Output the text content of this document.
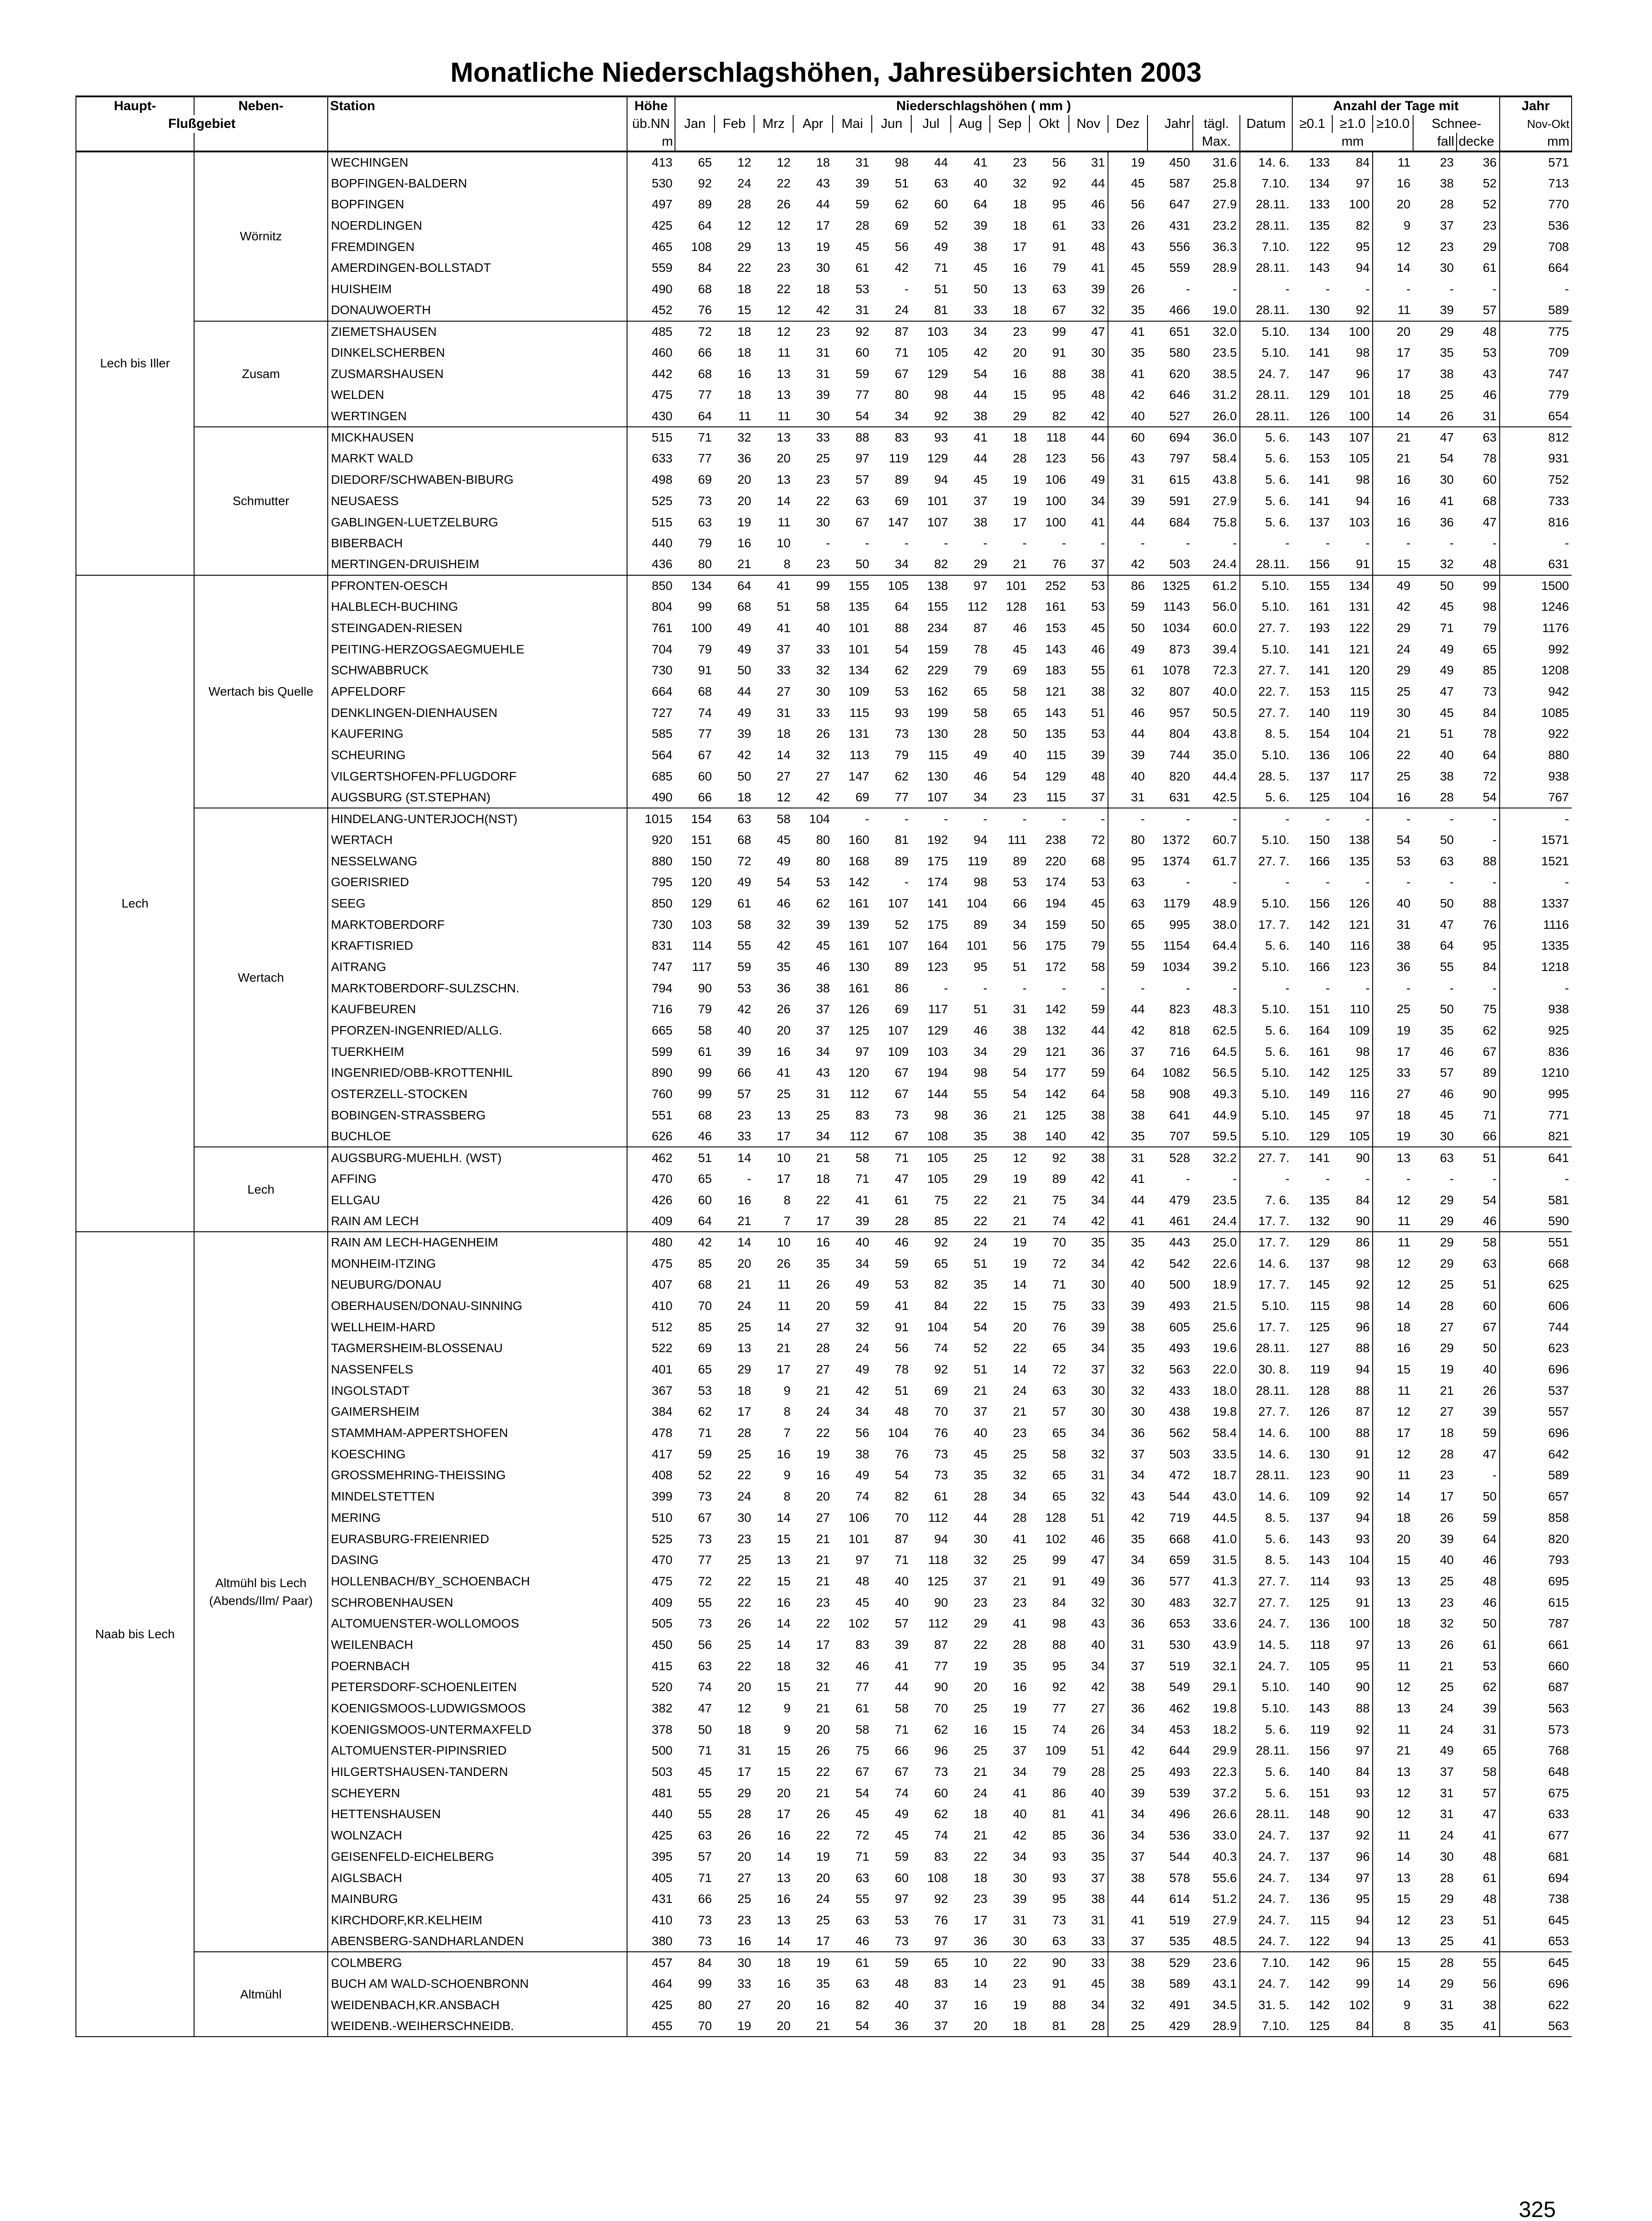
Monatliche Niederschlagshöhen, Jahresübersichten 2003
Haupt-	Neben-	Station	Höhe	Niederschlagshöhen ( mm )															Anzahl der Tage mit					Jahr
Flußgebiet			üb.NN	Jan	Feb	Mrz	Apr	Mai	Jun	Jul	Aug	Sep	Okt	Nov	Dez	Jahr	tägl.	Datum	≥0.1	≥1.0	≥10.0	Schnee-		Nov-Okt
			m														Max.		mm			fall	decke	mm
Lech bis Iller	Wörnitz	WECHINGEN	413	65	12	12	18	31	98	44	41	23	56	31	19	450	31.6	14. 6.	133	84	11	23	36	571
		BOPFINGEN-BALDERN	530	92	24	22	43	39	51	63	40	32	92	44	45	587	25.8	7.10.	134	97	16	38	52	713
		BOPFINGEN	497	89	28	26	44	59	62	60	64	18	95	46	56	647	27.9	28.11.	133	100	20	28	52	770
		NOERDLINGEN	425	64	12	12	17	28	69	52	39	18	61	33	26	431	23.2	28.11.	135	82	9	37	23	536
		FREMDINGEN	465	108	29	13	19	45	56	49	38	17	91	48	43	556	36.3	7.10.	122	95	12	23	29	708
		AMERDINGEN-BOLLSTADT	559	84	22	23	30	61	42	71	45	16	79	41	45	559	28.9	28.11.	143	94	14	30	61	664
		HUISHEIM	490	68	18	22	18	53	-	51	50	13	63	39	26	-	-	-	-	-	-	-	-	-
		DONAUWOERTH	452	76	15	12	42	31	24	81	33	18	67	32	35	466	19.0	28.11.	130	92	11	39	57	589
	Zusam	ZIEMETSHAUSEN	485	72	18	12	23	92	87	103	34	23	99	47	41	651	32.0	5.10.	134	100	20	29	48	775
		DINKELSCHERBEN	460	66	18	11	31	60	71	105	42	20	91	30	35	580	23.5	5.10.	141	98	17	35	53	709
		ZUSMARSHAUSEN	442	68	16	13	31	59	67	129	54	16	88	38	41	620	38.5	24. 7.	147	96	17	38	43	747
		WELDEN	475	77	18	13	39	77	80	98	44	15	95	48	42	646	31.2	28.11.	129	101	18	25	46	779
		WERTINGEN	430	64	11	11	30	54	34	92	38	29	82	42	40	527	26.0	28.11.	126	100	14	26	31	654
	Schmutter	MICKHAUSEN	515	71	32	13	33	88	83	93	41	18	118	44	60	694	36.0	5. 6.	143	107	21	47	63	812
		MARKT WALD	633	77	36	20	25	97	119	129	44	28	123	56	43	797	58.4	5. 6.	153	105	21	54	78	931
		DIEDORF/SCHWABEN-BIBURG	498	69	20	13	23	57	89	94	45	19	106	49	31	615	43.8	5. 6.	141	98	16	30	60	752
		NEUSAESS	525	73	20	14	22	63	69	101	37	19	100	34	39	591	27.9	5. 6.	141	94	16	41	68	733
		GABLINGEN-LUETZELBURG	515	63	19	11	30	67	147	107	38	17	100	41	44	684	75.8	5. 6.	137	103	16	36	47	816
		BIBERBACH	440	79	16	10	-	-	-	-	-	-	-	-	-	-	-	-	-	-	-	-	-	-
		MERTINGEN-DRUISHEIM	436	80	21	8	23	50	34	82	29	21	76	37	42	503	24.4	28.11.	156	91	15	32	48	631
Lech	Wertach bis Quelle	PFRONTEN-OESCH	850	134	64	41	99	155	105	138	97	101	252	53	86	1325	61.2	5.10.	155	134	49	50	99	1500
		HALBLECH-BUCHING	804	99	68	51	58	135	64	155	112	128	161	53	59	1143	56.0	5.10.	161	131	42	45	98	1246
		STEINGADEN-RIESEN	761	100	49	41	40	101	88	234	87	46	153	45	50	1034	60.0	27. 7.	193	122	29	71	79	1176
		PEITING-HERZOGSAEGMUEHLE	704	79	49	37	33	101	54	159	78	45	143	46	49	873	39.4	5.10.	141	121	24	49	65	992
		SCHWABBRUCK	730	91	50	33	32	134	62	229	79	69	183	55	61	1078	72.3	27. 7.	141	120	29	49	85	1208
		APFELDORF	664	68	44	27	30	109	53	162	65	58	121	38	32	807	40.0	22. 7.	153	115	25	47	73	942
		DENKLINGEN-DIENHAUSEN	727	74	49	31	33	115	93	199	58	65	143	51	46	957	50.5	27. 7.	140	119	30	45	84	1085
		KAUFERING	585	77	39	18	26	131	73	130	28	50	135	53	44	804	43.8	8. 5.	154	104	21	51	78	922
		SCHEURING	564	67	42	14	32	113	79	115	49	40	115	39	39	744	35.0	5.10.	136	106	22	40	64	880
		VILGERTSHOFEN-PFLUGDORF	685	60	50	27	27	147	62	130	46	54	129	48	40	820	44.4	28. 5.	137	117	25	38	72	938
		AUGSBURG (ST.STEPHAN)	490	66	18	12	42	69	77	107	34	23	115	37	31	631	42.5	5. 6.	125	104	16	28	54	767
	Wertach	HINDELANG-UNTERJOCH(NST)	1015	154	63	58	104	-	-	-	-	-	-	-	-	-	-	-	-	-	-	-	-	-
		WERTACH	920	151	68	45	80	160	81	192	94	111	238	72	80	1372	60.7	5.10.	150	138	54	50	-	1571
		NESSELWANG	880	150	72	49	80	168	89	175	119	89	220	68	95	1374	61.7	27. 7.	166	135	53	63	88	1521
		GOERISRIED	795	120	49	54	53	142	-	174	98	53	174	53	63	-	-	-	-	-	-	-	-	-
		SEEG	850	129	61	46	62	161	107	141	104	66	194	45	63	1179	48.9	5.10.	156	126	40	50	88	1337
		MARKTOBERDORF	730	103	58	32	39	139	52	175	89	34	159	50	65	995	38.0	17. 7.	142	121	31	47	76	1116
		KRAFTISRIED	831	114	55	42	45	161	107	164	101	56	175	79	55	1154	64.4	5. 6.	140	116	38	64	95	1335
		AITRANG	747	117	59	35	46	130	89	123	95	51	172	58	59	1034	39.2	5.10.	166	123	36	55	84	1218
		MARKTOBERDORF-SULZSCHN.	794	90	53	36	38	161	86	-	-	-	-	-	-	-	-	-	-	-	-	-	-	-
		KAUFBEUREN	716	79	42	26	37	126	69	117	51	31	142	59	44	823	48.3	5.10.	151	110	25	50	75	938
		PFORZEN-INGENRIED/ALLG.	665	58	40	20	37	125	107	129	46	38	132	44	42	818	62.5	5. 6.	164	109	19	35	62	925
		TUERKHEIM	599	61	39	16	34	97	109	103	34	29	121	36	37	716	64.5	5. 6.	161	98	17	46	67	836
		INGENRIED/OBB-KROTTENHIL	890	99	66	41	43	120	67	194	98	54	177	59	64	1082	56.5	5.10.	142	125	33	57	89	1210
		OSTERZELL-STOCKEN	760	99	57	25	31	112	67	144	55	54	142	64	58	908	49.3	5.10.	149	116	27	46	90	995
		BOBINGEN-STRASSBERG	551	68	23	13	25	83	73	98	36	21	125	38	38	641	44.9	5.10.	145	97	18	45	71	771
		BUCHLOE	626	46	33	17	34	112	67	108	35	38	140	42	35	707	59.5	5.10.	129	105	19	30	66	821
	Lech	AUGSBURG-MUEHLH. (WST)	462	51	14	10	21	58	71	105	25	12	92	38	31	528	32.2	27. 7.	141	90	13	63	51	641
		AFFING	470	65	-	17	18	71	47	105	29	19	89	42	41	-	-	-	-	-	-	-	-	-
		ELLGAU	426	60	16	8	22	41	61	75	22	21	75	34	44	479	23.5	7. 6.	135	84	12	29	54	581
		RAIN AM LECH	409	64	21	7	17	39	28	85	22	21	74	42	41	461	24.4	17. 7.	132	90	11	29	46	590
Naab bis Lech	Altmühl bis Lech (Abends/Ilm/ Paar)	RAIN AM LECH-HAGENHEIM	480	42	14	10	16	40	46	92	24	19	70	35	35	443	25.0	17. 7.	129	86	11	29	58	551
		MONHEIM-ITZING	475	85	20	26	35	34	59	65	51	19	72	34	42	542	22.6	14. 6.	137	98	12	29	63	668
		NEUBURG/DONAU	407	68	21	11	26	49	53	82	35	14	71	30	40	500	18.9	17. 7.	145	92	12	25	51	625
		OBERHAUSEN/DONAU-SINNING	410	70	24	11	20	59	41	84	22	15	75	33	39	493	21.5	5.10.	115	98	14	28	60	606
		WELLHEIM-HARD	512	85	25	14	27	32	91	104	54	20	76	39	38	605	25.6	17. 7.	125	96	18	27	67	744
		TAGMERSHEIM-BLOSSENAU	522	69	13	21	28	24	56	74	52	22	65	34	35	493	19.6	28.11.	127	88	16	29	50	623
		NASSENFELS	401	65	29	17	27	49	78	92	51	14	72	37	32	563	22.0	30. 8.	119	94	15	19	40	696
		INGOLSTADT	367	53	18	9	21	42	51	69	21	24	63	30	32	433	18.0	28.11.	128	88	11	21	26	537
		GAIMERSHEIM	384	62	17	8	24	34	48	70	37	21	57	30	30	438	19.8	27. 7.	126	87	12	27	39	557
		STAMMHAM-APPERTSHOFEN	478	71	28	7	22	56	104	76	40	23	65	34	36	562	58.4	14. 6.	100	88	17	18	59	696
		KOESCHING	417	59	25	16	19	38	76	73	45	25	58	32	37	503	33.5	14. 6.	130	91	12	28	47	642
		GROSSMEHRING-THEISSING	408	52	22	9	16	49	54	73	35	32	65	31	34	472	18.7	28.11.	123	90	11	23	-	589
		MINDELSTETTEN	399	73	24	8	20	74	82	61	28	34	65	32	43	544	43.0	14. 6.	109	92	14	17	50	657
		MERING	510	67	30	14	27	106	70	112	44	28	128	51	42	719	44.5	8. 5.	137	94	18	26	59	858
		EURASBURG-FREIENRIED	525	73	23	15	21	101	87	94	30	41	102	46	35	668	41.0	5. 6.	143	93	20	39	64	820
		DASING	470	77	25	13	21	97	71	118	32	25	99	47	34	659	31.5	8. 5.	143	104	15	40	46	793
		HOLLENBACH/BY_SCHOENBACH	475	72	22	15	21	48	40	125	37	21	91	49	36	577	41.3	27. 7.	114	93	13	25	48	695
		SCHROBENHAUSEN	409	55	22	16	23	45	40	90	23	23	84	32	30	483	32.7	27. 7.	125	91	13	23	46	615
		ALTOMUENSTER-WOLLOMOOS	505	73	26	14	22	102	57	112	29	41	98	43	36	653	33.6	24. 7.	136	100	18	32	50	787
		WEILENBACH	450	56	25	14	17	83	39	87	22	28	88	40	31	530	43.9	14. 5.	118	97	13	26	61	661
		POERNBACH	415	63	22	18	32	46	41	77	19	35	95	34	37	519	32.1	24. 7.	105	95	11	21	53	660
		PETERSDORF-SCHOENLEITEN	520	74	20	15	21	77	44	90	20	16	92	42	38	549	29.1	5.10.	140	90	12	25	62	687
		KOENIGSMOOS-LUDWIGSMOOS	382	47	12	9	21	61	58	70	25	19	77	27	36	462	19.8	5.10.	143	88	13	24	39	563
		KOENIGSMOOS-UNTERMAXFELD	378	50	18	9	20	58	71	62	16	15	74	26	34	453	18.2	5. 6.	119	92	11	24	31	573
		ALTOMUENSTER-PIPINSRIED	500	71	31	15	26	75	66	96	25	37	109	51	42	644	29.9	28.11.	156	97	21	49	65	768
		HILGERTSHAUSEN-TANDERN	503	45	17	15	22	67	67	73	21	34	79	28	25	493	22.3	5. 6.	140	84	13	37	58	648
		SCHEYERN	481	55	29	20	21	54	74	60	24	41	86	40	39	539	37.2	5. 6.	151	93	12	31	57	675
		HETTENSHAUSEN	440	55	28	17	26	45	49	62	18	40	81	41	34	496	26.6	28.11.	148	90	12	31	47	633
		WOLNZACH	425	63	26	16	22	72	45	74	21	42	85	36	34	536	33.0	24. 7.	137	92	11	24	41	677
		GEISENFELD-EICHELBERG	395	57	20	14	19	71	59	83	22	34	93	35	37	544	40.3	24. 7.	137	96	14	30	48	681
		AIGLSBACH	405	71	27	13	20	63	60	108	18	30	93	37	38	578	55.6	24. 7.	134	97	13	28	61	694
		MAINBURG	431	66	25	16	24	55	97	92	23	39	95	38	44	614	51.2	24. 7.	136	95	15	29	48	738
		KIRCHDORF,KR.KELHEIM	410	73	23	13	25	63	53	76	17	31	73	31	41	519	27.9	24. 7.	115	94	12	23	51	645
		ABENSBERG-SANDHARLANDEN	380	73	16	14	17	46	73	97	36	30	63	33	37	535	48.5	24. 7.	122	94	13	25	41	653
	Altmühl	COLMBERG	457	84	30	18	19	61	59	65	10	22	90	33	38	529	23.6	7.10.	142	96	15	28	55	645
		BUCH AM WALD-SCHOENBRONN	464	99	33	16	35	63	48	83	14	23	91	45	38	589	43.1	24. 7.	142	99	14	29	56	696
		WEIDENBACH,KR.ANSBACH	425	80	27	20	16	82	40	37	16	19	88	34	32	491	34.5	31. 5.	142	102	9	31	38	622
		WEIDENB.-WEIHERSCHNEIDB.	455	70	19	20	21	54	36	37	20	18	81	28	25	429	28.9	7.10.	125	84	8	35	41	563
325
